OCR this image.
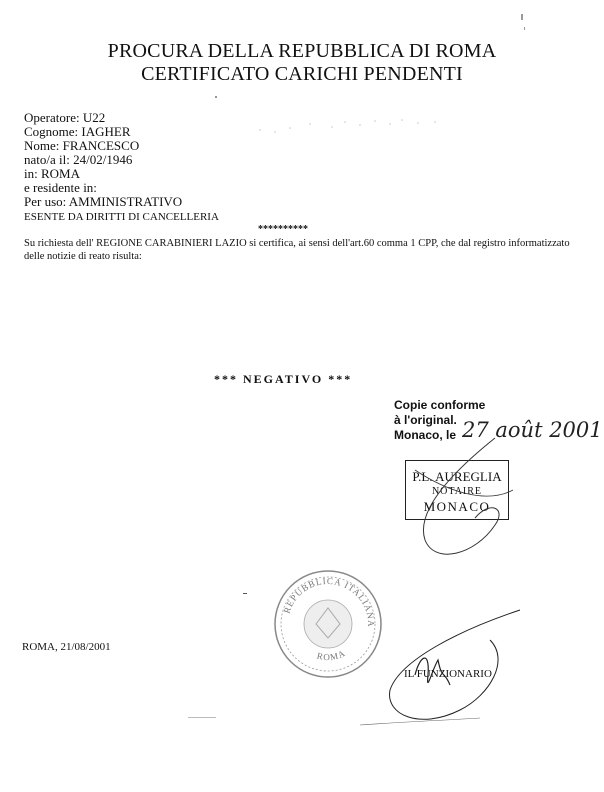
PROCURA DELLA REPUBBLICA DI ROMA
CERTIFICATO CARICHI PENDENTI
Operatore: U22
Cognome: IAGHER
Nome: FRANCESCO
nato/a il: 24/02/1946
in: ROMA
e residente in:
Per uso: AMMINISTRATIVO
ESENTE DA DIRITTI DI CANCELLERIA
**********
Su richiesta dell' REGIONE CARABINIERI LAZIO si certifica, ai sensi dell'art.60 comma 1 CPP, che dal registro informatizzato delle notizie di reato risulta:
*** NEGATIVO ***
Copie conforme
à l'original.
Monaco, le 27 août 2001
P.L. AUREGLIA
NOTAIRE
MONACO
REPUBBLICA ITALIANA
ROMA
ROMA, 21/08/2001
IL FUNZIONARIO
